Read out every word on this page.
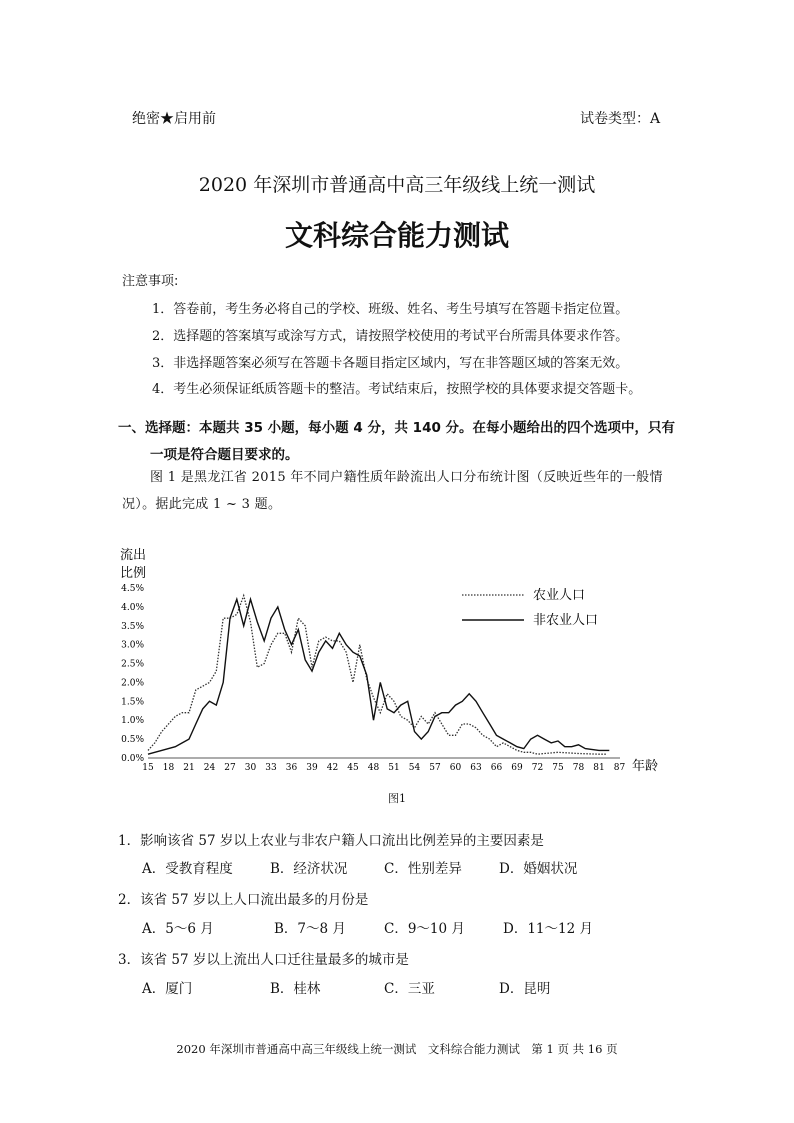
绝密★启用前	试卷类型：A
2020 年深圳市普通高中高三年级线上统一测试
文科综合能力测试
注意事项:
1．答卷前，考生务必将自己的学校、班级、姓名、考生号填写在答题卡指定位置。
2．选择题的答案填写或涂写方式，请按照学校使用的考试平台所需具体要求作答。
3．非选择题答案必须写在答题卡各题目指定区域内，写在非答题区域的答案无效。
4．考生必须保证纸质答题卡的整洁。考试结束后，按照学校的具体要求提交答题卡。
一、选择题：本题共 35 小题，每小题 4 分，共 140 分。在每小题给出的四个选项中，只有
一项是符合题目要求的。
图 1 是黑龙江省 2015 年不同户籍性质年龄流出人口分布统计图（反映近些年的一般情况）。据此完成 1 ~ 3 题。
流出
比例
0.0%
0.5%
1.0%
1.5%
2.0%
2.5%
3.0%
3.5%
4.0%
4.5%
15 18 21 24 27 30 33 36 39 42 45 48 51 54 57 60 63 66 69 72 75 78 81 87 年龄
农业人口
非农业人口
图1
1．影响该省 57 岁以上农业与非农户籍人口流出比例差异的主要因素是
A．受教育程度	B．经济状况	C．性别差异	D．婚姻状况
2．该省 57 岁以上人口流出最多的月份是
A．5～6 月	B．7～8 月	C．9～10 月	D．11～12 月
3．该省 57 岁以上流出人口迁往量最多的城市是
A．厦门	B．桂林	C．三亚	D．昆明
2020 年深圳市普通高中高三年级线上统一测试　文科综合能力测试　第 1 页 共 16 页
